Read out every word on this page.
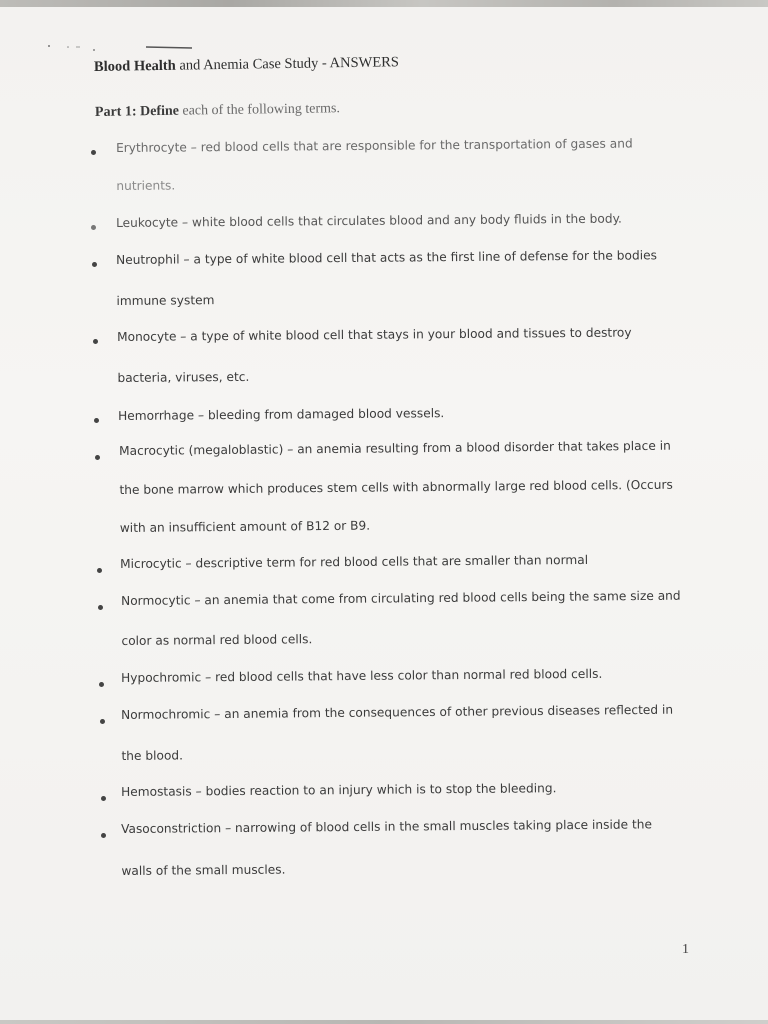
Blood Health and Anemia Case Study - ANSWERS
Part 1: Define each of the following terms.
Erythrocyte – red blood cells that are responsible for the transportation of gases and
nutrients.
Leukocyte – white blood cells that circulates blood and any body fluids in the body.
Neutrophil – a type of white blood cell that acts as the first line of defense for the bodies
immune system
Monocyte – a type of white blood cell that stays in your blood and tissues to destroy
bacteria, viruses, etc.
Hemorrhage – bleeding from damaged blood vessels.
Macrocytic (megaloblastic) – an anemia resulting from a blood disorder that takes place in
the bone marrow which produces stem cells with abnormally large red blood cells. (Occurs
with an insufficient amount of B12 or B9.
Microcytic – descriptive term for red blood cells that are smaller than normal
Normocytic – an anemia that come from circulating red blood cells being the same size and
color as normal red blood cells.
Hypochromic – red blood cells that have less color than normal red blood cells.
Normochromic – an anemia from the consequences of other previous diseases reflected in
the blood.
Hemostasis – bodies reaction to an injury which is to stop the bleeding.
Vasoconstriction – narrowing of blood cells in the small muscles taking place inside the
walls of the small muscles.
1
